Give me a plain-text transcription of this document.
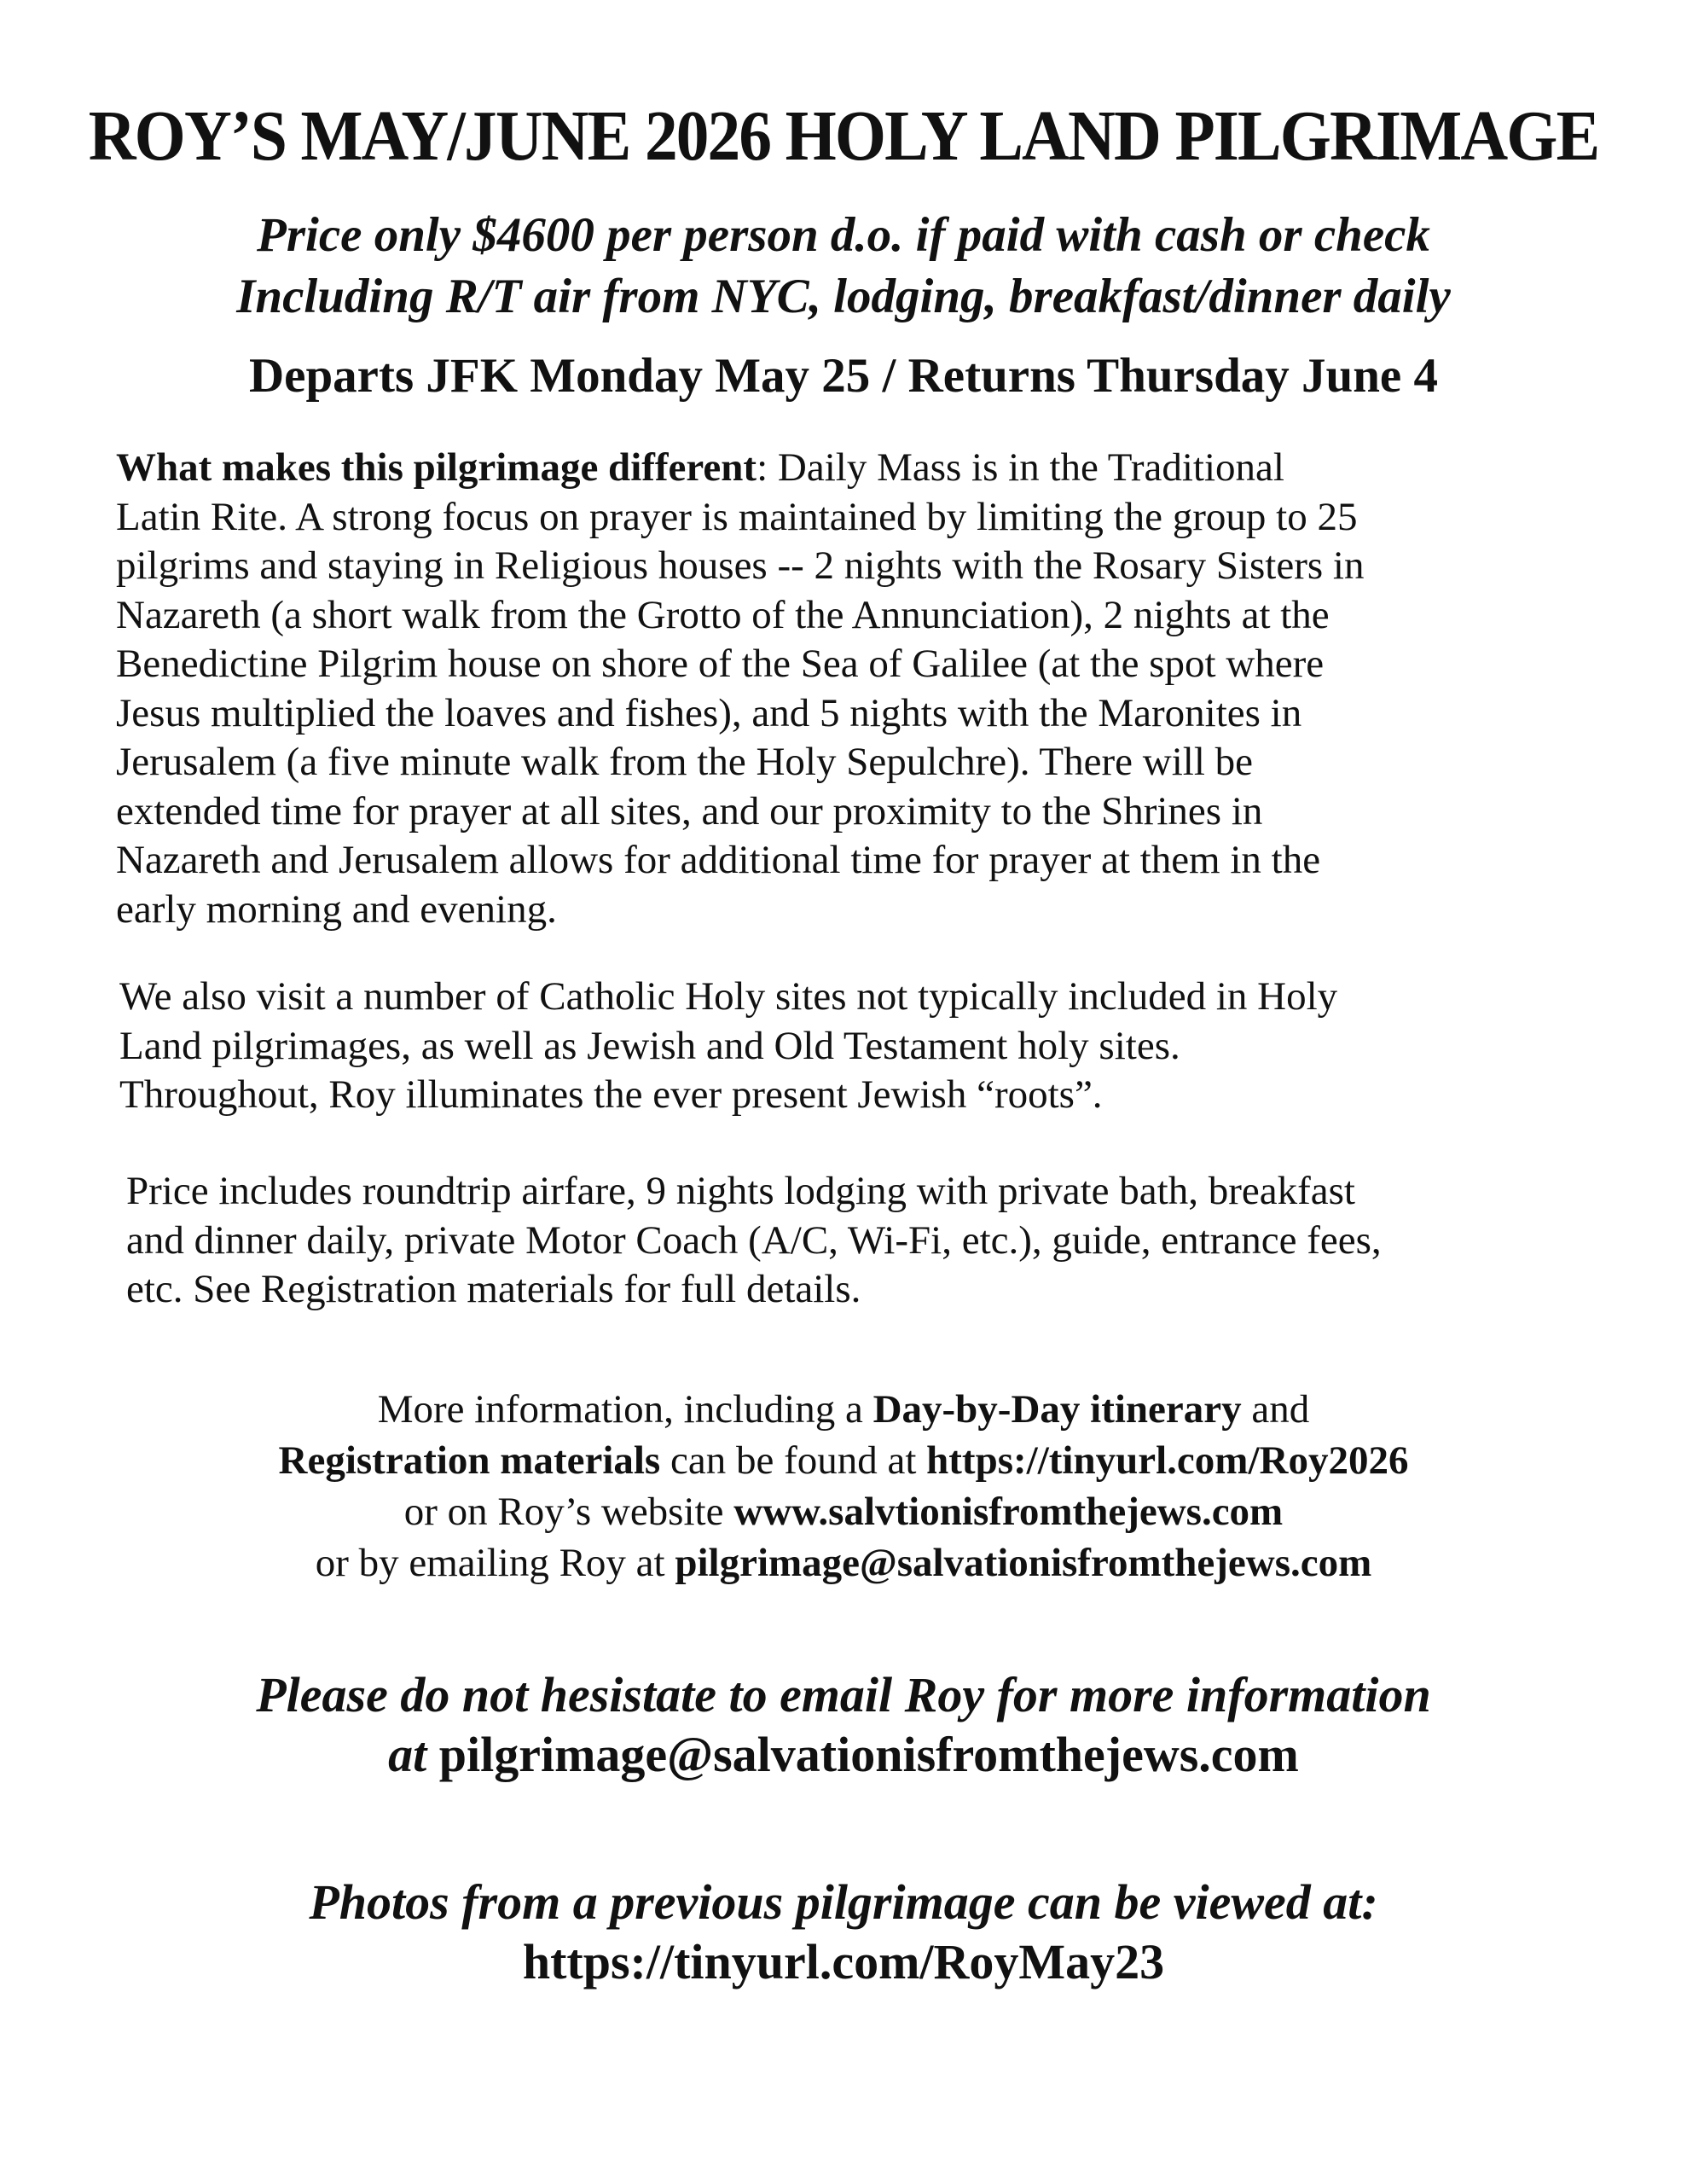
ROY’S MAY/JUNE 2026 HOLY LAND PILGRIMAGE
Price only $4600 per person d.o. if paid with cash or check
Including R/T air from NYC, lodging, breakfast/dinner daily
Departs JFK Monday May 25 / Returns Thursday June 4
What makes this pilgrimage different: Daily Mass is in the Traditional
Latin Rite. A strong focus on prayer is maintained by limiting the group to 25
pilgrims and staying in Religious houses -- 2 nights with the Rosary Sisters in
Nazareth (a short walk from the Grotto of the Annunciation), 2 nights at the
Benedictine Pilgrim house on shore of the Sea of Galilee (at the spot where
Jesus multiplied the loaves and fishes), and 5 nights with the Maronites in
Jerusalem (a five minute walk from the Holy Sepulchre). There will be
extended time for prayer at all sites, and our proximity to the Shrines in
Nazareth and Jerusalem allows for additional time for prayer at them in the
early morning and evening.
We also visit a number of Catholic Holy sites not typically included in Holy
Land pilgrimages, as well as Jewish and Old Testament holy sites.
Throughout, Roy illuminates the ever present Jewish “roots”.
Price includes roundtrip airfare, 9 nights lodging with private bath, breakfast
and dinner daily, private Motor Coach (A/C, Wi-Fi, etc.), guide, entrance fees,
etc. See Registration materials for full details.
More information, including a Day-by-Day itinerary and
Registration materials can be found at https://tinyurl.com/Roy2026
or on Roy’s website www.salvtionisfromthejews.com
or by emailing Roy at pilgrimage@salvationisfromthejews.com
Please do not hesistate to email Roy for more information
at pilgrimage@salvationisfromthejews.com
Photos from a previous pilgrimage can be viewed at:
https://tinyurl.com/RoyMay23
